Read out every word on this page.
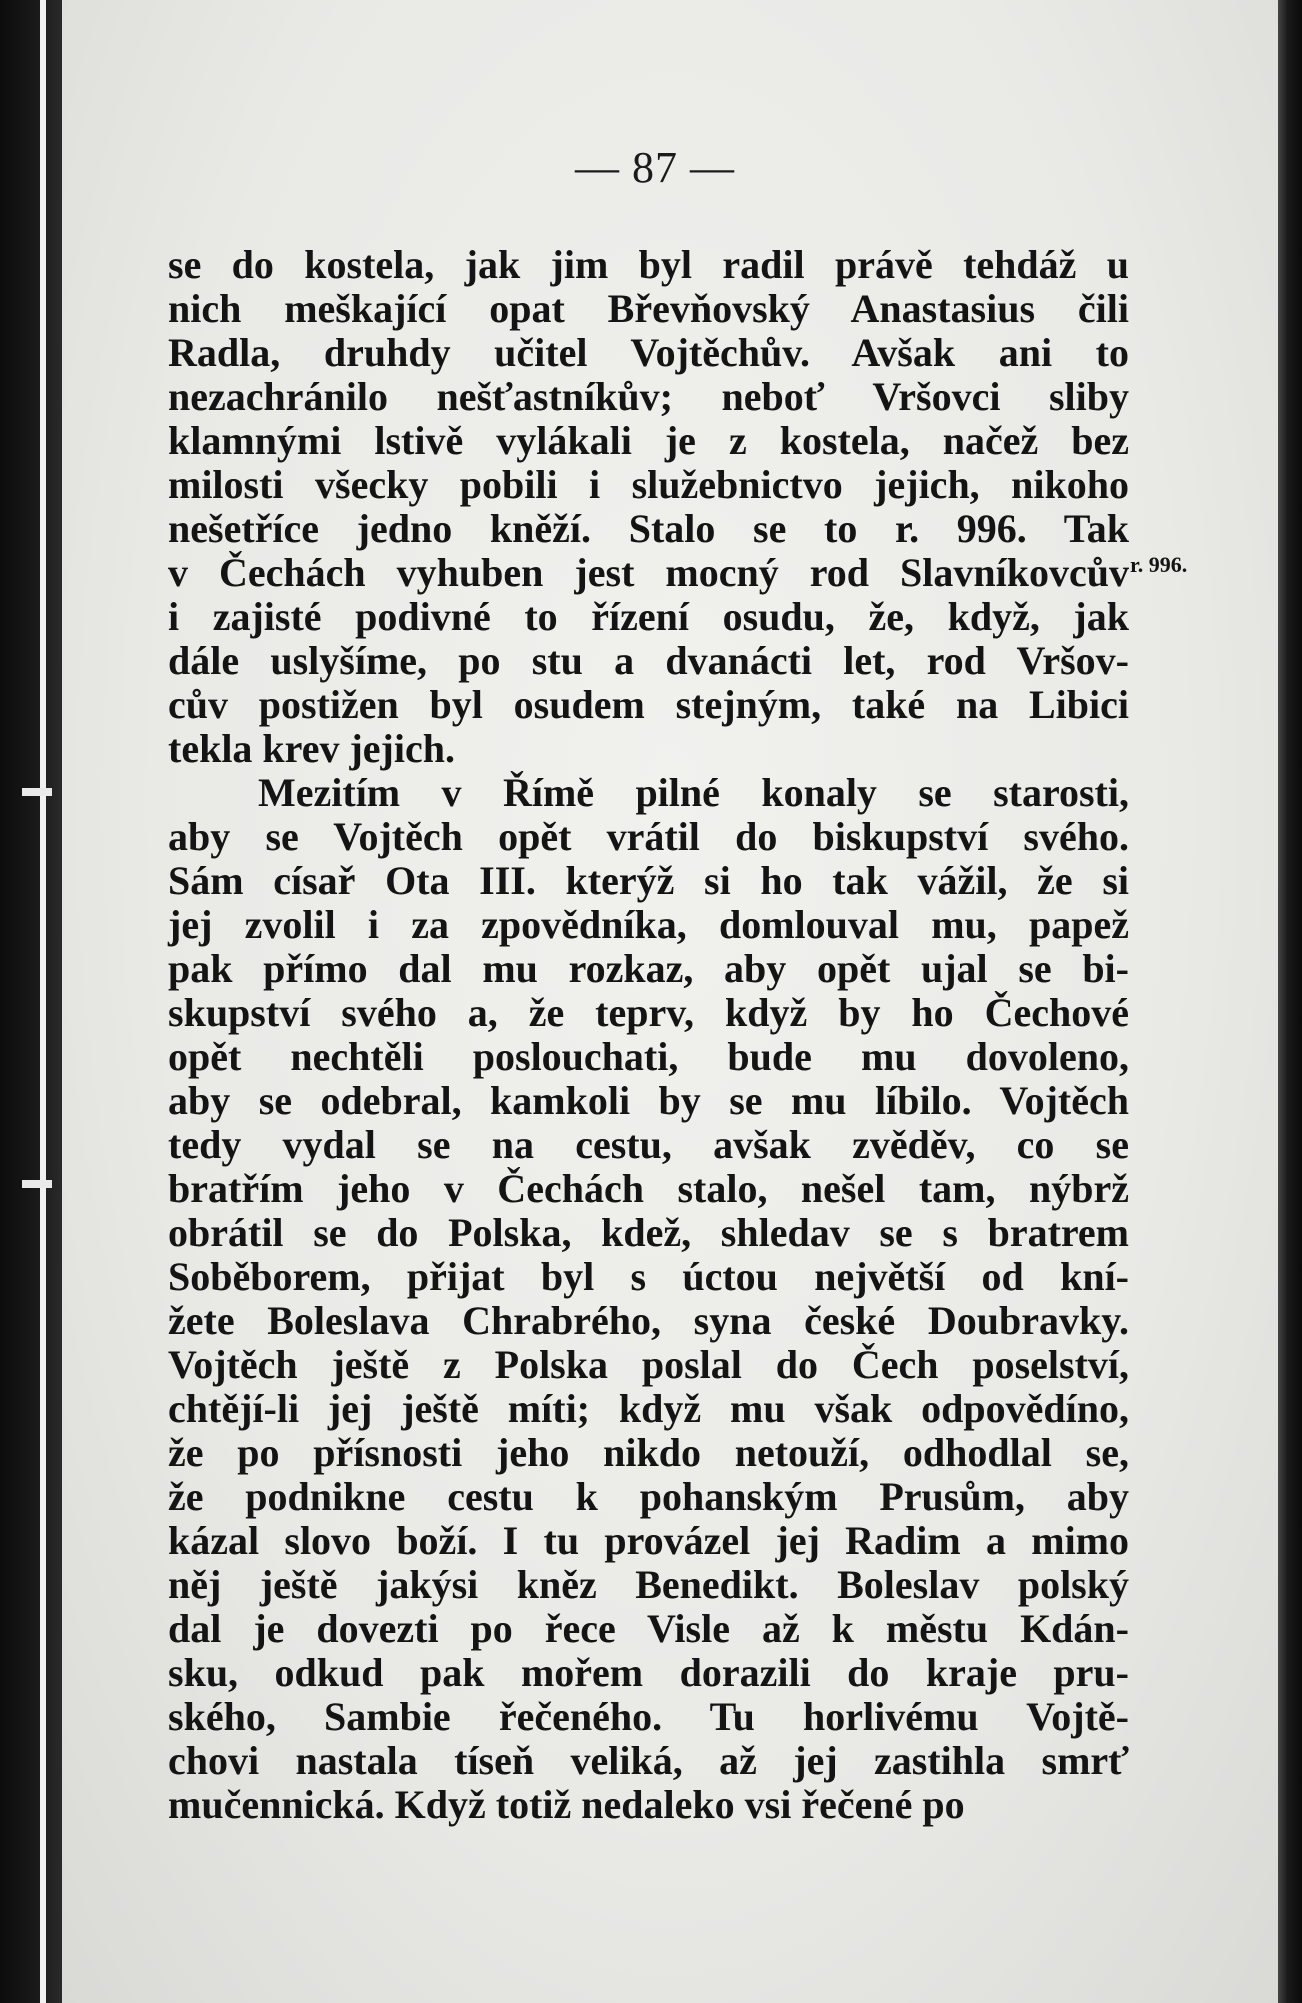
— 87 —
se do kostela, jak jim byl radil právě tehdáž u
nich meškající opat Břevňovský Anastasius čili
Radla, druhdy učitel Vojtěchův. Avšak ani to
nezachránilo nešťastníkův; neboť Vršovci sliby
klamnými lstivě vylákali je z kostela, načež bez
milosti všecky pobili i služebnictvo jejich, nikoho
nešetříce jedno kněží. Stalo se to r. 996. Tak
v Čechách vyhuben jest mocný rod Slavníkovcův
i zajisté podivné to řízení osudu, že, když, jak
dále uslyšíme, po stu a dvanácti let, rod Vršov-
cův postižen byl osudem stejným, také na Libici
tekla krev jejich.
Mezitím v Římě pilné konaly se starosti,
aby se Vojtěch opět vrátil do biskupství svého.
Sám císař Ota III. kterýž si ho tak vážil, že si
jej zvolil i za zpovědníka, domlouval mu, papež
pak přímo dal mu rozkaz, aby opět ujal se bi-
skupství svého a, že teprv, když by ho Čechové
opět nechtěli poslouchati, bude mu dovoleno,
aby se odebral, kamkoli by se mu líbilo. Vojtěch
tedy vydal se na cestu, avšak zvěděv, co se
bratřím jeho v Čechách stalo, nešel tam, nýbrž
obrátil se do Polska, kdež, shledav se s bratrem
Soběborem, přijat byl s úctou největší od kní-
žete Boleslava Chrabrého, syna české Doubravky.
Vojtěch ještě z Polska poslal do Čech poselství,
chtějí-li jej ještě míti; když mu však odpovědíno,
že po přísnosti jeho nikdo netouží, odhodlal se,
že podnikne cestu k pohanským Prusům, aby
kázal slovo boží. I tu provázel jej Radim a mimo
něj ještě jakýsi kněz Benedikt. Boleslav polský
dal je dovezti po řece Visle až k městu Kdán-
sku, odkud pak mořem dorazili do kraje pru-
ského, Sambie řečeného. Tu horlivému Vojtě-
chovi nastala tíseň veliká, až jej zastihla smrť
mučennická. Když totiž nedaleko vsi řečené po
r. 996.
